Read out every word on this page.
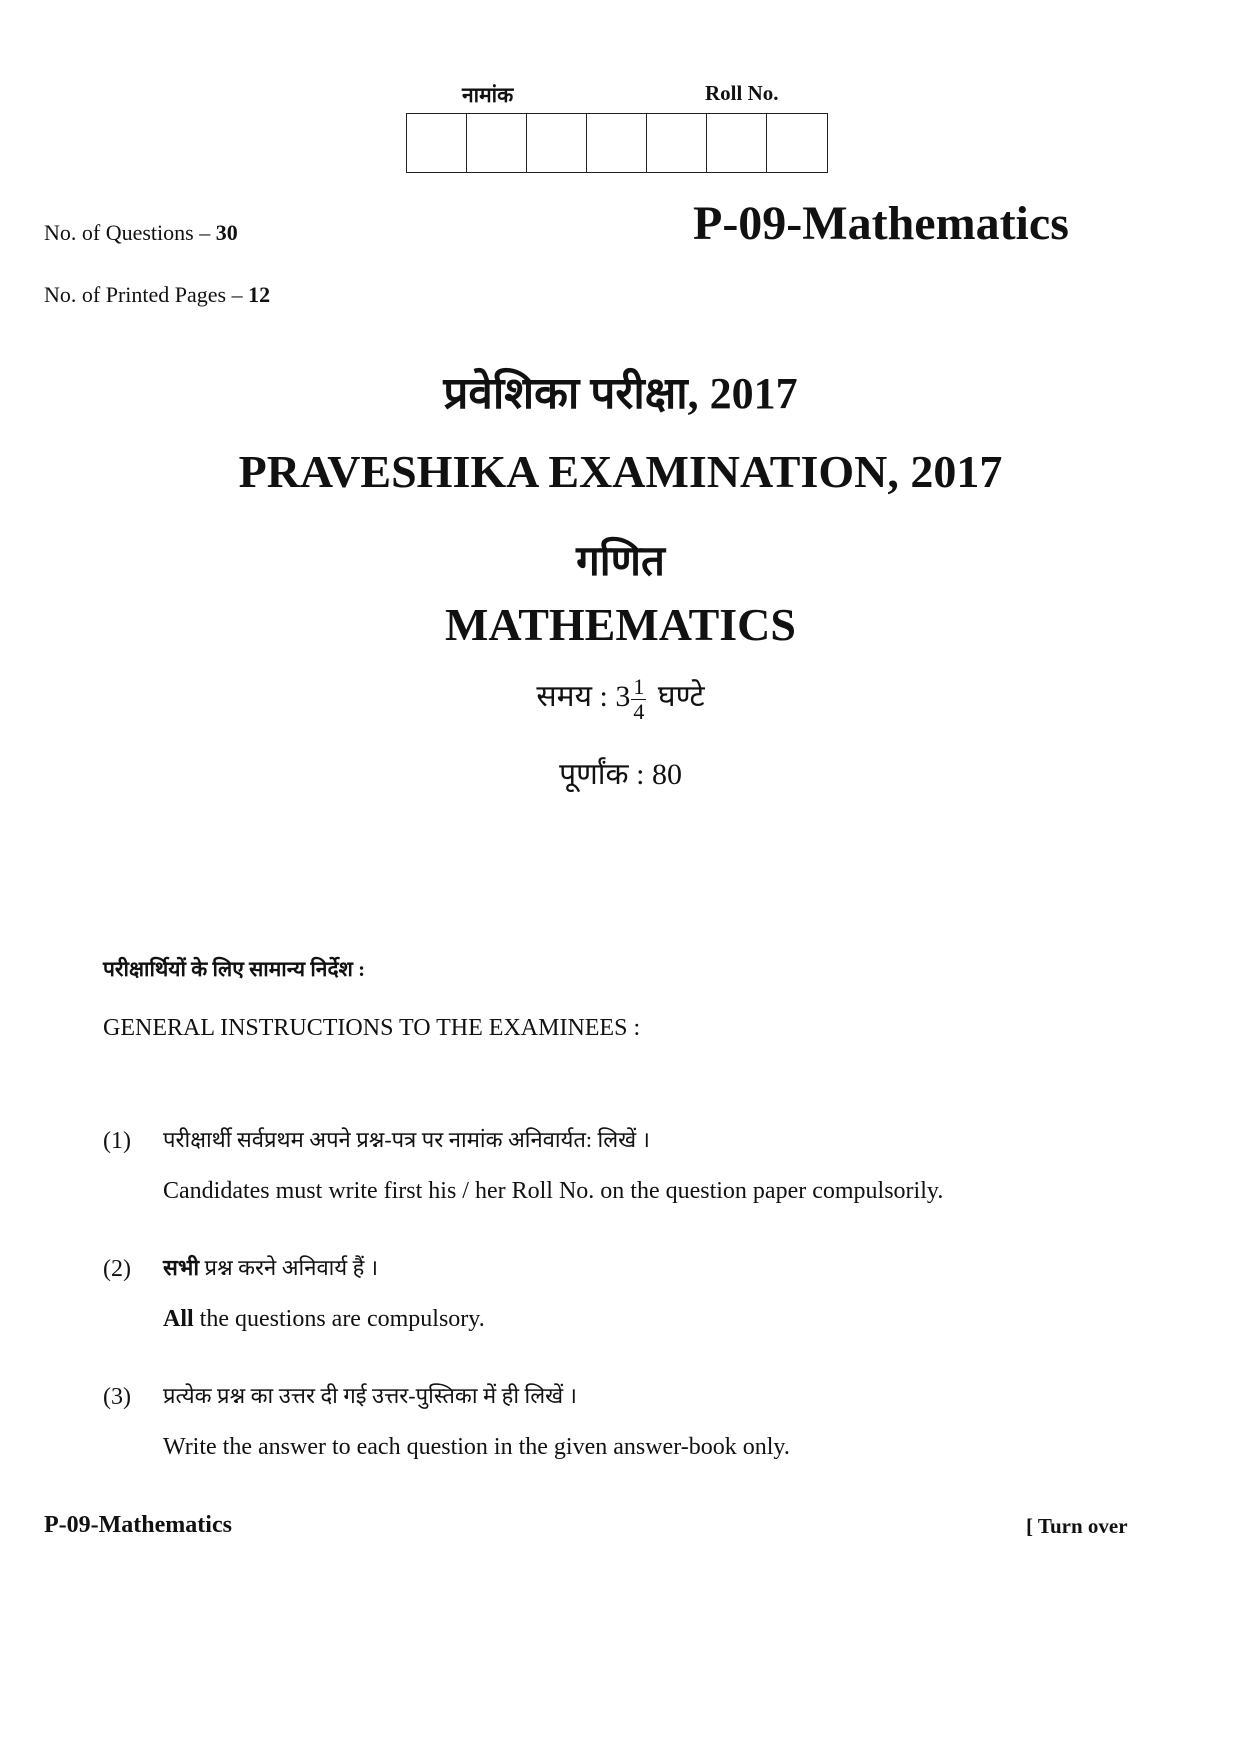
नामांक	Roll No.
No. of Questions – 30
No. of Printed Pages – 12
P-09-Mathematics
प्रवेशिका परीक्षा, 2017
PRAVESHIKA EXAMINATION, 2017
गणित
MATHEMATICS
समय : $3 \frac{1}{4}$ घण्टे
पूर्णांक : 80
परीक्षार्थियों के लिए सामान्य निर्देश :
GENERAL INSTRUCTIONS TO THE EXAMINEES :
(1) परीक्षार्थी सर्वप्रथम अपने प्रश्न-पत्र पर नामांक अनिवार्यत: लिखें ।
Candidates must write first his / her Roll No. on the question paper compulsorily.
(2) सभी प्रश्न करने अनिवार्य हैं ।
All the questions are compulsory.
(3) प्रत्येक प्रश्न का उत्तर दी गई उत्तर-पुस्तिका में ही लिखें ।
Write the answer to each question in the given answer-book only.
P-09-Mathematics	[ Turn over
